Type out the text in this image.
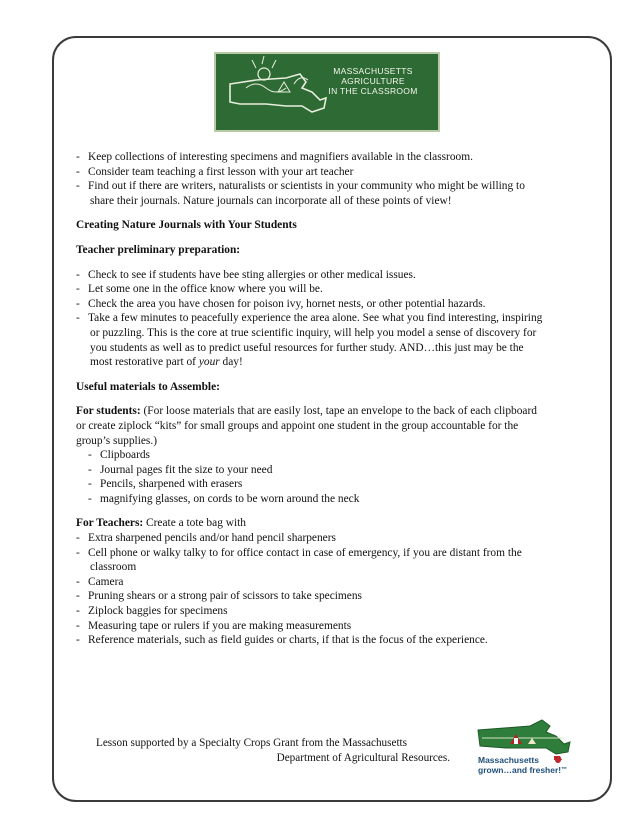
MASSACHUSETTS
AGRICULTURE
IN THE CLASSROOM
- Keep collections of interesting specimens and magnifiers available in the classroom.
- Consider team teaching a first lesson with your art teacher
- Find out if there are writers, naturalists or scientists in your community who might be willing to
share their journals. Nature journals can incorporate all of these points of view!
Creating Nature Journals with Your Students
Teacher preliminary preparation:
- Check to see if students have bee sting allergies or other medical issues.
- Let some one in the office know where you will be.
- Check the area you have chosen for poison ivy, hornet nests, or other potential hazards.
- Take a few minutes to peacefully experience the area alone. See what you find interesting, inspiring
or puzzling. This is the core at true scientific inquiry, will help you model a sense of discovery for
you students as well as to predict useful resources for further study. AND…this just may be the
most restorative part of your day!
Useful materials to Assemble:

For students: (For loose materials that are easily lost, tape an envelope to the back of each clipboard

or create ziplock “kits” for small groups and appoint one student in the group accountable for the
group’s supplies.)
- Clipboards
- Journal pages fit the size to your need
- Pencils, sharpened with erasers
- magnifying glasses, on cords to be worn around the neck

For Teachers: Create a tote bag with

- Extra sharpened pencils and/or hand pencil sharpeners
- Cell phone or walky talky to for office contact in case of emergency, if you are distant from the
classroom
- Camera
- Pruning shears or a strong pair of scissors to take specimens
- Ziplock baggies for specimens
- Measuring tape or rulers if you are making measurements
- Reference materials, such as field guides or charts, if that is the focus of the experience.
Lesson supported by a Specialty Crops Grant from the Massachusetts
Department of Agricultural Resources.	Massachusetts
grown…and fresher!™
